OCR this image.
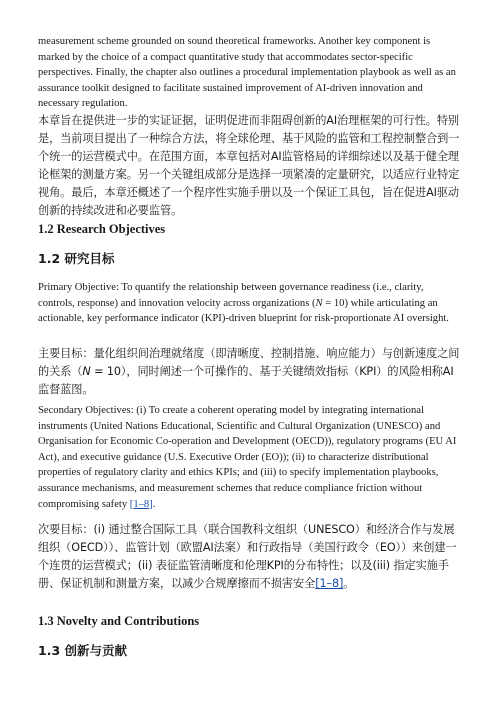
measurement scheme grounded on sound theoretical frameworks. Another key component is marked by the choice of a compact quantitative study that accommodates sector-specific perspectives. Finally, the chapter also outlines a procedural implementation playbook as well as an assurance toolkit designed to facilitate sustained improvement of AI-driven innovation and necessary regulation.

本章旨在提供进一步的实证证据，证明促进而非阻碍创新的AI治理框架的可行性。特别是，当前项目提出了一种综合方法，将全球伦理、基于风险的监管和工程控制整合到一个统一的运营模式中。在范围方面，本章包括对AI监管格局的详细综述以及基于健全理论框架的测量方案。另一个关键组成部分是选择一项紧凑的定量研究，以适应行业特定视角。最后，本章还概述了一个程序性实施手册以及一个保证工具包，旨在促进AI驱动创新的持续改进和必要监管。

1.2 Research Objectives

1.2 研究目标

Primary Objective: To quantify the relationship between governance readiness (i.e., clarity, controls, response) and innovation velocity across organizations (N = 10) while articulating an actionable, key performance indicator (KPI)-driven blueprint for risk-proportionate AI oversight.

主要目标：量化组织间治理就绪度（即清晰度、控制措施、响应能力）与创新速度之间的关系（N = 10），同时阐述一个可操作的、基于关键绩效指标（KPI）的风险相称AI监督蓝图。

Secondary Objectives: (i) To create a coherent operating model by integrating international instruments (United Nations Educational, Scientific and Cultural Organization (UNESCO) and Organisation for Economic Co-operation and Development (OECD)), regulatory programs (EU AI Act), and executive guidance (U.S. Executive Order (EO)); (ii) to characterize distributional properties of regulatory clarity and ethics KPIs; and (iii) to specify implementation playbooks, assurance mechanisms, and measurement schemes that reduce compliance friction without compromising safety [1–8].

次要目标：(i) 通过整合国际工具（联合国教科文组织（UNESCO）和经济合作与发展组织（OECD））、监管计划（欧盟AI法案）和行政指导（美国行政令（EO））来创建一个连贯的运营模式；(ii) 表征监管清晰度和伦理KPI的分布特性；以及(iii) 指定实施手册、保证机制和测量方案，以减少合规摩擦而不损害安全[1–8]。

1.3 Novelty and Contributions

1.3 创新与贡献
